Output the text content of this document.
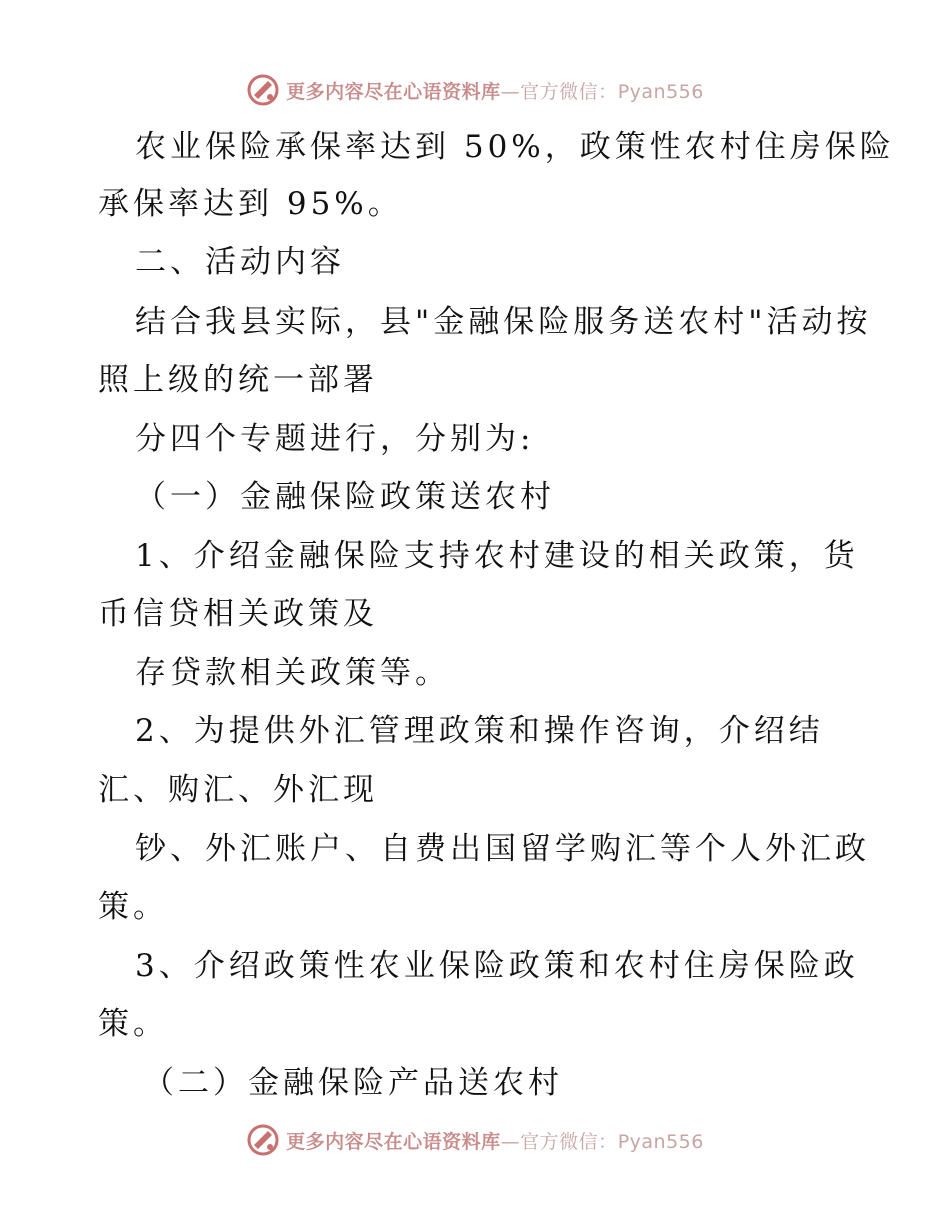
更多内容尽在心语资料库—官方微信：Pyan556
农业保险承保率达到 50%，政策性农村住房保险
承保率达到 95%。
二、活动内容
结合我县实际，县"金融保险服务送农村"活动按
照上级的统一部署
分四个专题进行，分别为:
（一）金融保险政策送农村
1、介绍金融保险支持农村建设的相关政策，货
币信贷相关政策及
存贷款相关政策等。
2、为提供外汇管理政策和操作咨询，介绍结
汇、购汇、外汇现
钞、外汇账户、自费出国留学购汇等个人外汇政
策。
3、介绍政策性农业保险政策和农村住房保险政
策。
（二）金融保险产品送农村
更多内容尽在心语资料库—官方微信：Pyan556
